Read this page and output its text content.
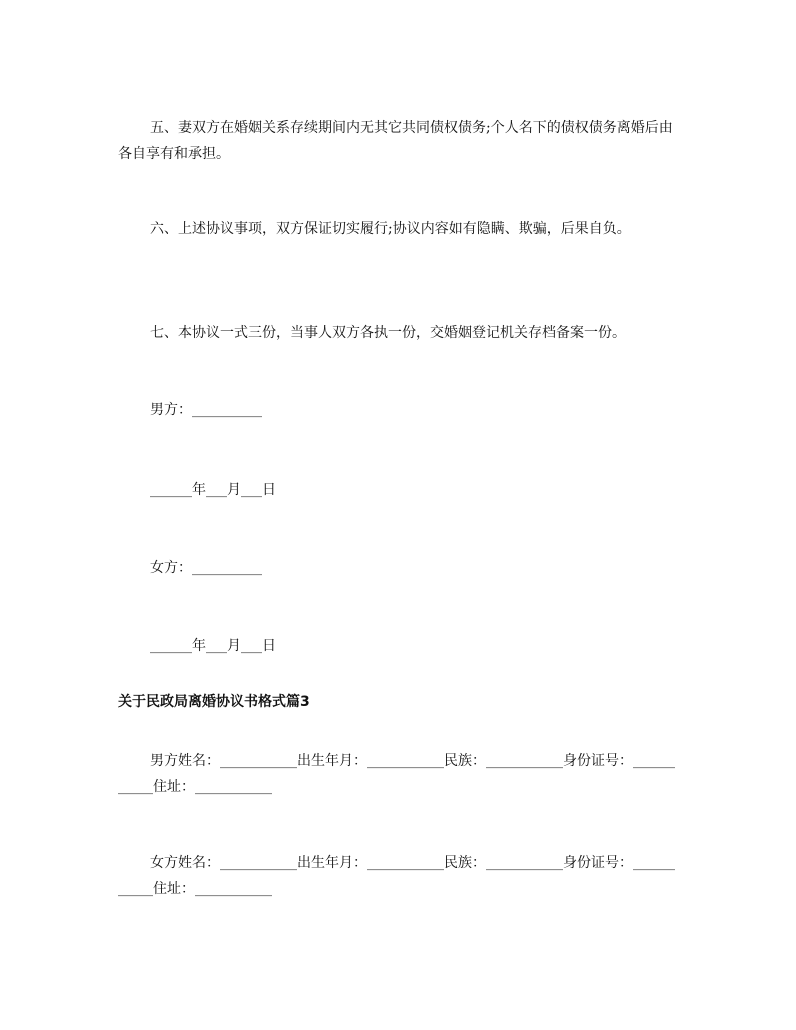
五、妻双方在婚姻关系存续期间内无其它共同债权债务;个人名下的债权债务离婚后由各自享有和承担。

六、上述协议事项，双方保证切实履行;协议内容如有隐瞒、欺骗，后果自负。

七、本协议一式三份，当事人双方各执一份，交婚姻登记机关存档备案一份。

男方：__________

______年___月___日

女方：__________

______年___月___日

关于民政局离婚协议书格式篇3

男方姓名：___________出生年月：___________民族：___________身份证号：___________住址：___________

女方姓名：___________出生年月：___________民族：___________身份证号：___________住址：___________
